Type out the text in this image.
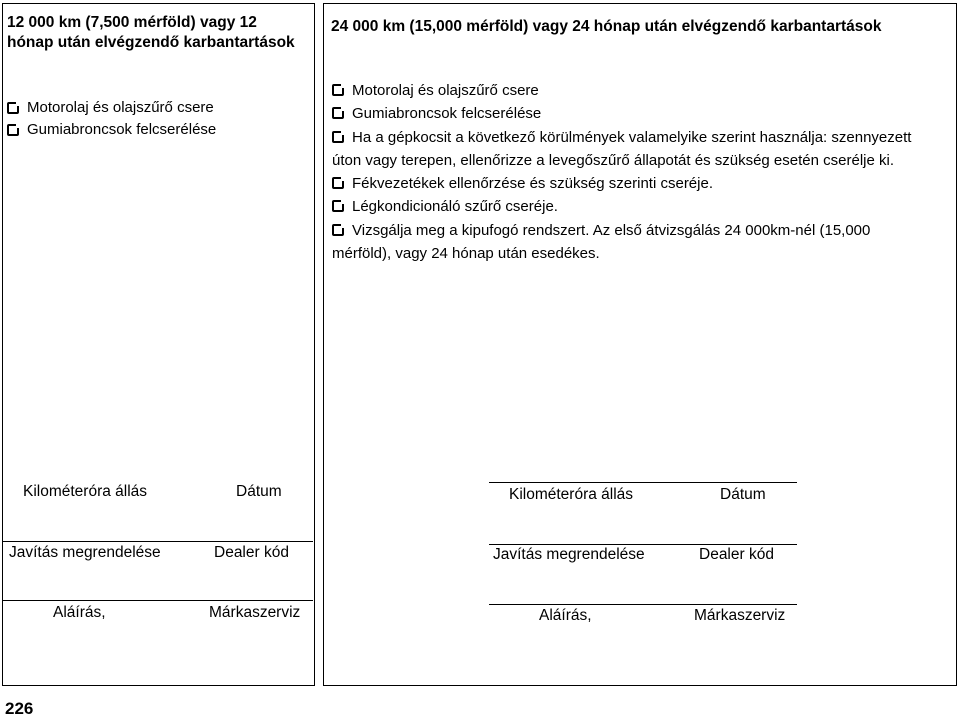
12 000 km (7,500 mérföld) vagy 12 hónap után elvégzendő karbantartások
Motorolaj és olajszűrő csere
Gumiabroncsok felcserélése
Kilométeróra állás	Dátum
Javítás megrendelése	Dealer kód
Aláírás,	Márkaszerviz
24 000 km (15,000 mérföld) vagy 24 hónap után elvégzendő karbantartások
Motorolaj és olajszűrő csere
Gumiabroncsok felcserélése
Ha a gépkocsit a következő körülmények valamelyike szerint használja: szennyezett úton vagy terepen, ellenőrizze a levegőszűrő állapotát és szükség esetén cserélje ki.
Fékvezetékek ellenőrzése és szükség szerinti cseréje.
Légkondicionáló szűrő cseréje.
Vizsgálja meg a kipufogó rendszert. Az első átvizsgálás 24 000km-nél (15,000 mérföld), vagy 24 hónap után esedékes.
Kilométeróra állás	Dátum
Javítás megrendelése	Dealer kód
Aláírás,	Márkaszerviz
226
